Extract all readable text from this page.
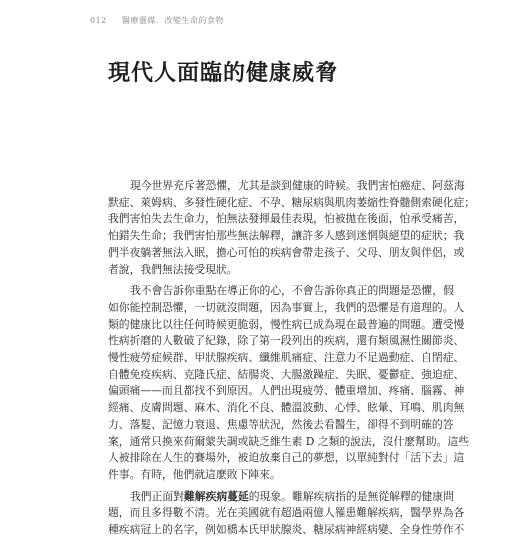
012 醫療靈媒．改變生命的食物
現代人面臨的健康威脅

現今世界充斥著恐懼，尤其是談到健康的時候。我們害怕癌症、阿茲海
默症、萊姆病、多發性硬化症、不孕、糖尿病與肌肉萎縮性脊髓側索硬化症；
我們害怕失去生命力，怕無法發揮最佳表現，怕被拋在後面，怕承受痛苦，
怕錯失生命；我們害怕那些無法解釋，讓許多人感到迷惘與絕望的症狀；我
們半夜躺著無法入眠，擔心可怕的疾病會帶走孩子、父母、朋友與伴侶，或
者說，我們無法接受現狀。

我不會告訴你重點在導正你的心，不會告訴你真正的問題是恐懼，假
如你能控制恐懼，一切就沒問題，因為事實上，我們的恐懼是有道理的。人
類的健康比以往任何時候更脆弱，慢性病已成為現在最普遍的問題。遭受慢
性病折磨的人數破了紀錄，除了第一段列出的疾病，還有類風濕性關節炎、
慢性疲勞症候群、甲狀腺疾病、纖維肌痛症、注意力不足過動症、自閉症、
自體免疫疾病、克隆氏症、結腸炎、大腸激躁症、失眠、憂鬱症、強迫症、
偏頭痛——而且都找不到原因。人們出現疲勞、體重增加、疼痛、腦霧、神
經痛、皮膚問題、麻木、消化不良、體溫波動、心悸、眩暈、耳鳴、肌肉無
力、落髮、記憶力衰退、焦慮等狀況，然後去看醫生，卻得不到明確的答
案，通常只換來荷爾蒙失調或缺乏維生素 D 之類的說法，沒什麼幫助。這些
人被排除在人生的賽場外，被迫放棄自己的夢想，以單純對付「活下去」這
件事。有時，他們就這麼敗下陣來。

我們正面對難解疾病蔓延的現象。難解疾病指的是無從解釋的健康問
題，而且多得數不清。光在美國就有超過兩億人罹患難解疾病，醫學界為各
種疾病冠上的名字，例如橋本氏甲狀腺炎、糖尿病神經病變、全身性勞作不
